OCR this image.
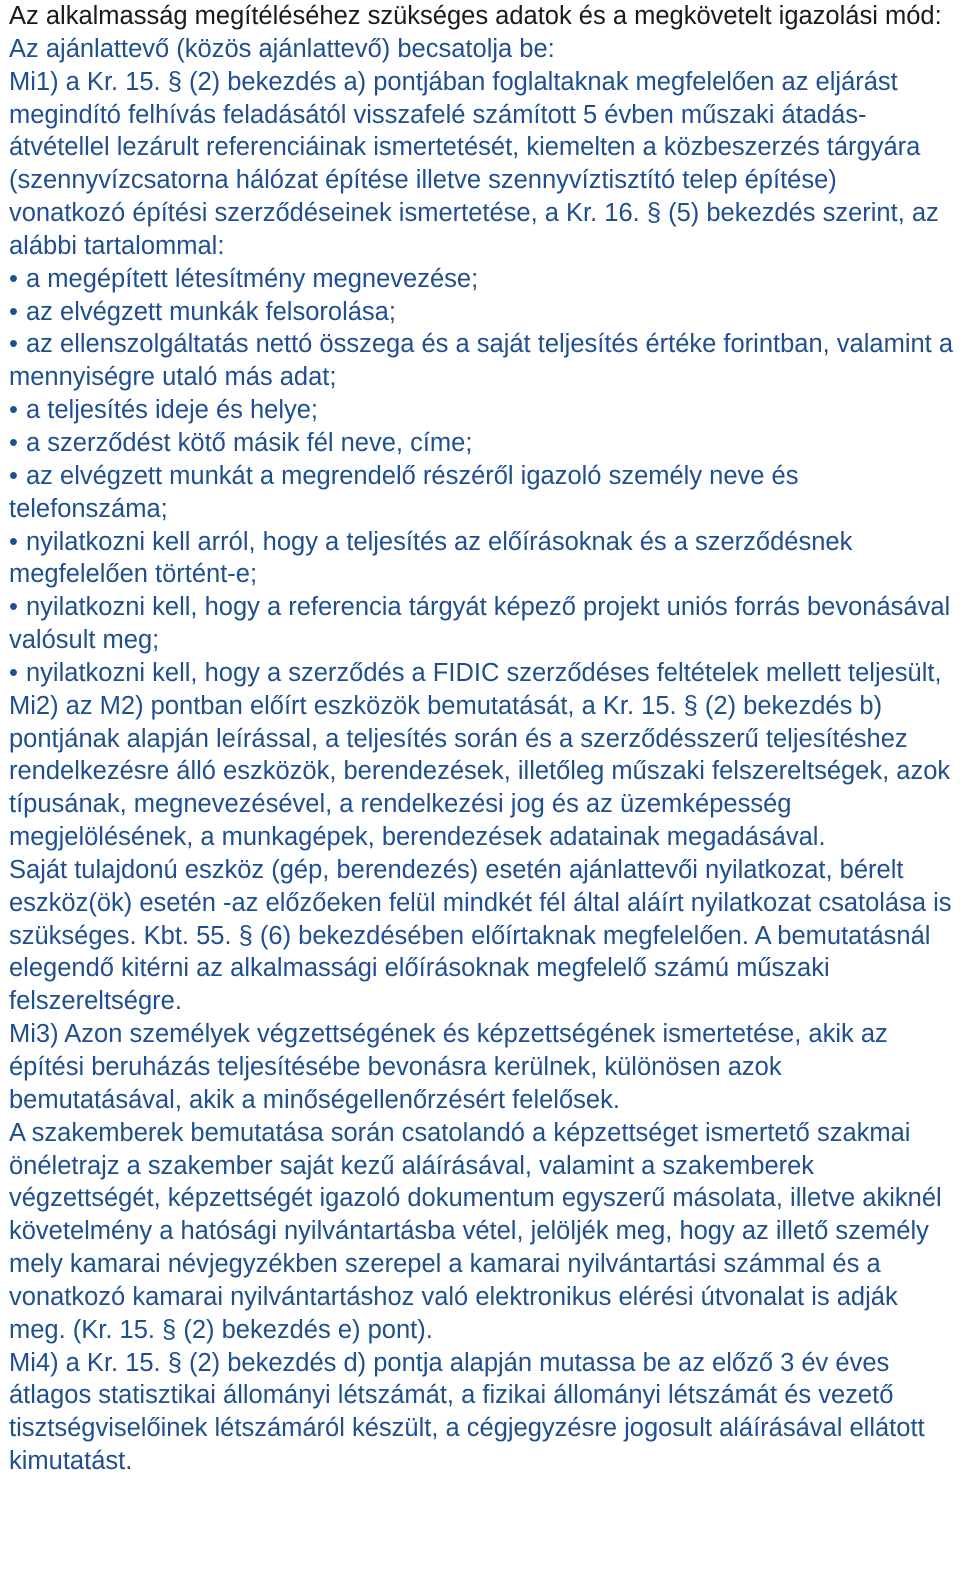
Az alkalmasság megítéléséhez szükséges adatok és a megkövetelt igazolási mód:

Az ajánlattevő (közös ajánlattevő) becsatolja be:

Mi1) a Kr. 15. § (2) bekezdés a) pontjában foglaltaknak megfelelően az eljárást megindító felhívás feladásától visszafelé számított 5 évben műszaki átadás-átvétellel lezárult referenciáinak ismertetését, kiemelten a közbeszerzés tárgyára (szennyvízcsatorna hálózat építése illetve szennyvíztisztító telep építése) vonatkozó építési szerződéseinek ismertetése, a Kr. 16. § (5) bekezdés szerint, az alábbi tartalommal:

• a megépített létesítmény megnevezése;
• az elvégzett munkák felsorolása;
• az ellenszolgáltatás nettó összega és a saját teljesítés értéke forintban, valamint a mennyiségre utaló más adat;
• a teljesítés ideje és helye;
• a szerződést kötő másik fél neve, címe;
• az elvégzett munkát a megrendelő részéről igazoló személy neve és telefonszáma;
• nyilatkozni kell arról, hogy a teljesítés az előírásoknak és a szerződésnek megfelelően történt-e;
• nyilatkozni kell, hogy a referencia tárgyát képező projekt uniós forrás bevonásával valósult meg;
• nyilatkozni kell, hogy a szerződés a FIDIC szerződéses feltételek mellett teljesült,

Mi2) az M2) pontban előírt eszközök bemutatását, a Kr. 15. § (2) bekezdés b) pontjának alapján leírással, a teljesítés során és a szerződésszerű teljesítéshez rendelkezésre álló eszközök, berendezések, illetőleg műszaki felszereltségek, azok típusának, megnevezésével, a rendelkezési jog és az üzemképesség megjelölésének, a munkagépek, berendezések adatainak megadásával.

Saját tulajdonú eszköz (gép, berendezés) esetén ajánlattevői nyilatkozat, bérelt eszköz(ök) esetén -az előzőeken felül mindkét fél által aláírt nyilatkozat csatolása is szükséges. Kbt. 55. § (6) bekezdésében előírtaknak megfelelően. A bemutatásnál elegendő kitérni az alkalmassági előírásoknak megfelelő számú műszaki felszereltségre.

Mi3) Azon személyek végzettségének és képzettségének ismertetése, akik az építési beruházás teljesítésébe bevonásra kerülnek, különösen azok bemutatásával, akik a minőségellenőrzésért felelősek.

A szakemberek bemutatása során csatolandó a képzettséget ismertető szakmai önéletrajz a szakember saját kezű aláírásával, valamint a szakemberek végzettségét, képzettségét igazoló dokumentum egyszerű másolata, illetve akiknél követelmény a hatósági nyilvántartásba vétel, jelöljék meg, hogy az illető személy mely kamarai névjegyzékben szerepel a kamarai nyilvántartási számmal és a vonatkozó kamarai nyilvántartáshoz való elektronikus elérési útvonalat is adják meg. (Kr. 15. § (2) bekezdés e) pont).

Mi4) a Kr. 15. § (2) bekezdés d) pontja alapján mutassa be az előző 3 év éves átlagos statisztikai állományi létszámát, a fizikai állományi létszámát és vezető tisztségviselőinek létszámáról készült, a cégjegyzésre jogosult aláírásával ellátott kimutatást.
